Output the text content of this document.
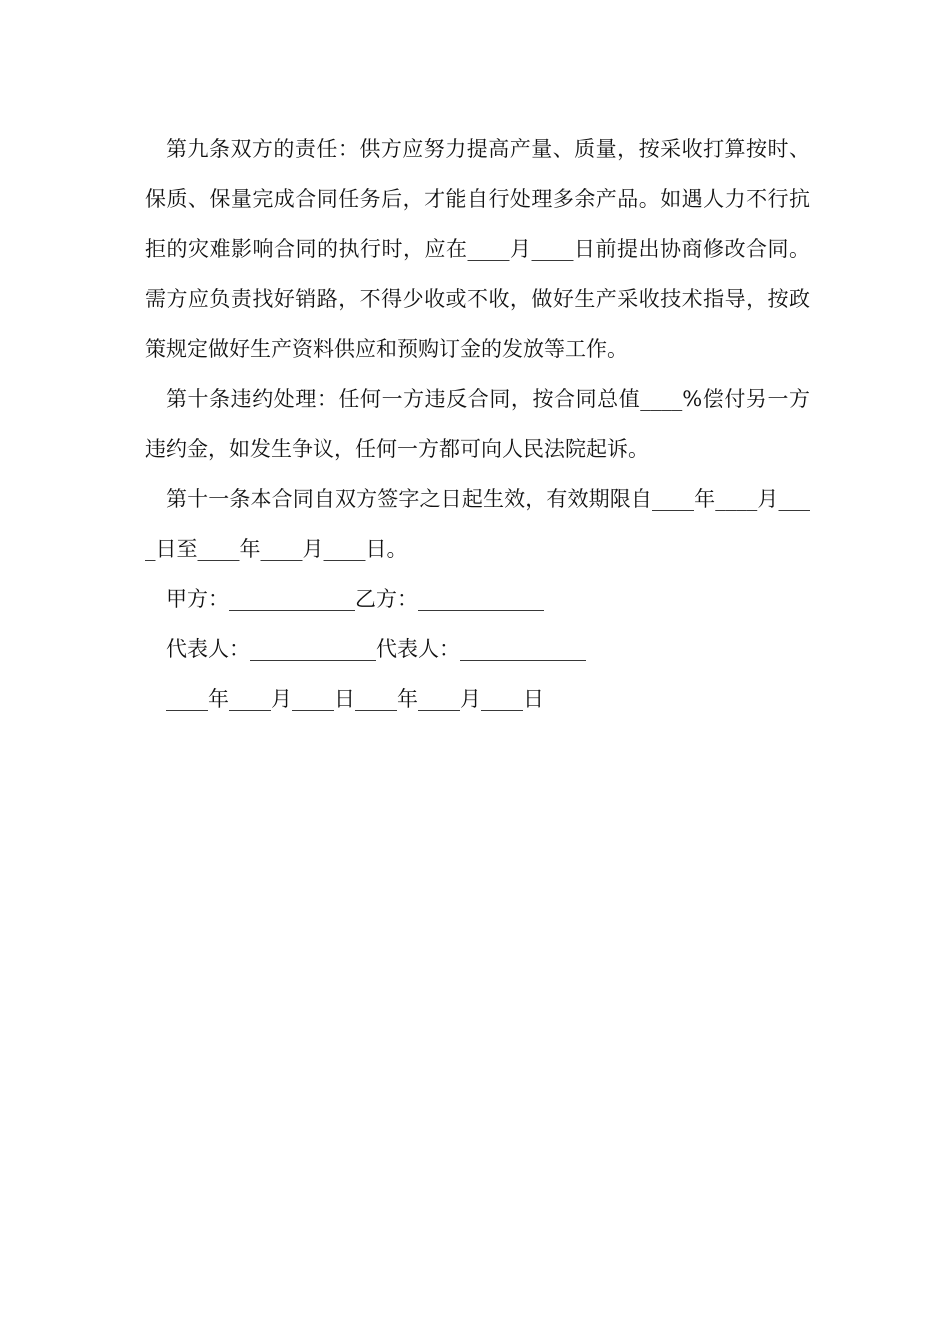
第九条双方的责任：供方应努力提高产量、质量，按采收打算按时、保质、保量完成合同任务后，才能自行处理多余产品。如遇人力不行抗拒的灾难影响合同的执行时，应在____月____日前提出协商修改合同。需方应负责找好销路，不得少收或不收，做好生产采收技术指导，按政策规定做好生产资料供应和预购订金的发放等工作。

第十条违约处理：任何一方违反合同，按合同总值____%偿付另一方违约金，如发生争议，任何一方都可向人民法院起诉。

第十一条本合同自双方签字之日起生效，有效期限自____年____月____日至____年____月____日。

甲方：____________乙方：____________

代表人：____________代表人：____________

____年____月____日____年____月____日
